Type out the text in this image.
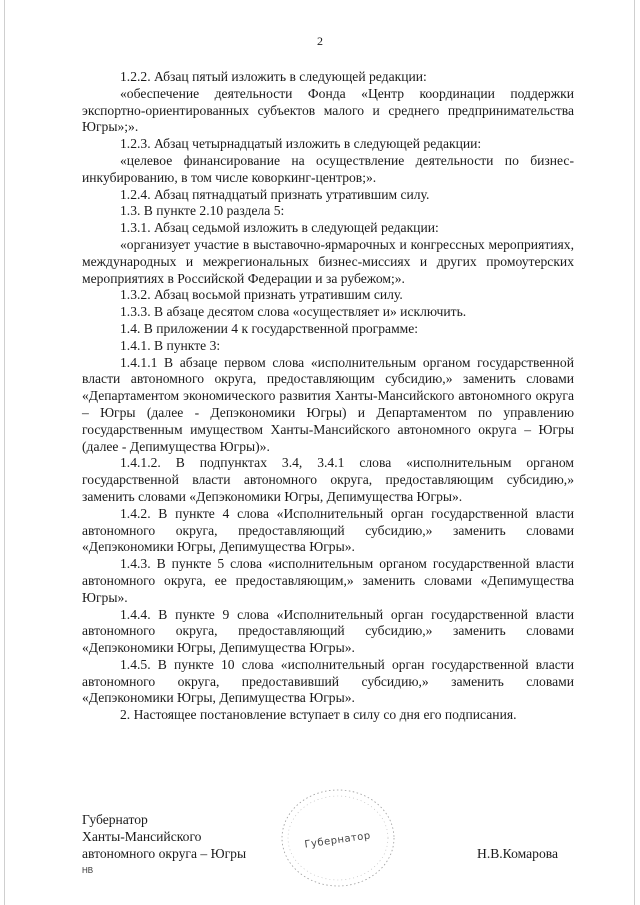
2

1.2.2. Абзац пятый изложить в следующей редакции:

«обеспечение деятельности Фонда «Центр координации поддержки экспортно-ориентированных субъектов малого и среднего предпринимательства Югры»;».

1.2.3. Абзац четырнадцатый изложить в следующей редакции:

«целевое финансирование на осуществление деятельности по бизнес-инкубированию, в том числе коворкинг-центров;».

1.2.4. Абзац пятнадцатый признать утратившим силу.

1.3. В пункте 2.10 раздела 5:

1.3.1. Абзац седьмой изложить в следующей редакции:

«организует участие в выставочно-ярмарочных и конгрессных мероприятиях, международных и межрегиональных бизнес-миссиях и других промоутерских мероприятиях в Российской Федерации и за рубежом;».

1.3.2. Абзац восьмой признать утратившим силу.

1.3.3. В абзаце десятом слова «осуществляет и» исключить.

1.4. В приложении 4 к государственной программе:

1.4.1. В пункте 3:

1.4.1.1 В абзаце первом слова «исполнительным органом государственной власти автономного округа, предоставляющим субсидию,» заменить словами «Департаментом экономического развития Ханты-Мансийского автономного округа – Югры (далее - Депэкономики Югры) и Департаментом по управлению государственным имуществом Ханты-Мансийского автономного округа – Югры (далее - Депимущества Югры)».

1.4.1.2. В подпунктах 3.4, 3.4.1 слова «исполнительным органом государственной власти автономного округа, предоставляющим субсидию,» заменить словами «Депэкономики Югры, Депимущества Югры».

1.4.2. В пункте 4 слова «Исполнительный орган государственной власти автономного округа, предоставляющий субсидию,» заменить словами «Депэкономики Югры, Депимущества Югры».

1.4.3. В пункте 5 слова «исполнительным органом государственной власти автономного округа, ее предоставляющим,» заменить словами «Депимущества Югры».

1.4.4. В пункте 9 слова «Исполнительный орган государственной власти автономного округа, предоставляющий субсидию,» заменить словами «Депэкономики Югры, Депимущества Югры».

1.4.5. В пункте 10 слова «исполнительный орган государственной власти автономного округа, предоставивший субсидию,» заменить словами «Депэкономики Югры, Депимущества Югры».

2. Настоящее постановление вступает в силу со дня его подписания.

Губернатор
Губернатор
Ханты-Мансийского
автономного округа – Югры	Н.В.Комарова
НВ
